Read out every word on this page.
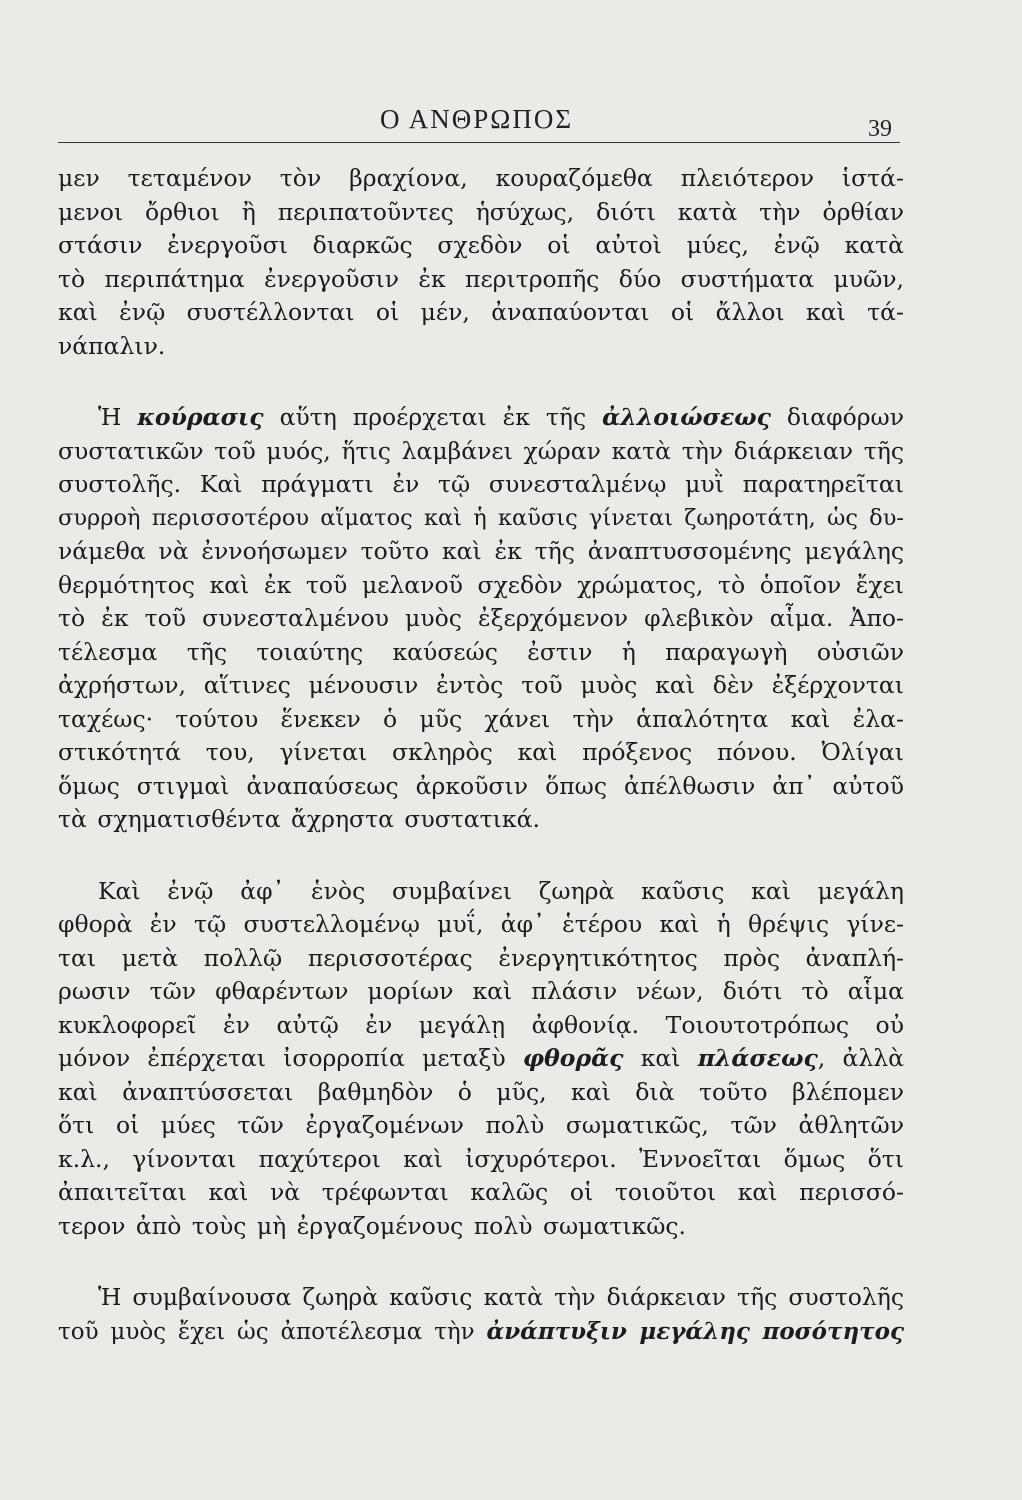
Ο ΑΝΘΡΩΠΟΣ	39
μεν τεταμένον τὸν βραχίονα, κουραζόμεθα πλειότερον ἱστά-
μενοι ὄρθιοι ἢ περιπατοῦντες ἡσύχως, διότι κατὰ τὴν ὀρθίαν
στάσιν ἐνεργοῦσι διαρκῶς σχεδὸν οἱ αὐτοὶ μύες, ἐνῷ κατὰ
τὸ περιπάτημα ἐνεργοῦσιν ἐκ περιτροπῆς δύο συστήματα μυῶν,
καὶ ἐνῷ συστέλλονται οἱ μέν, ἀναπαύονται οἱ ἄλλοι καὶ τά-
νάπαλιν.
Ἡ κούρασις αὕτη προέρχεται ἐκ τῆς ἀλλοιώσεως διαφόρων
συστατικῶν τοῦ μυός, ἥτις λαμβάνει χώραν κατὰ τὴν διάρκειαν τῆς
συστολῆς. Καὶ πράγματι ἐν τῷ συνεσταλμένῳ μυῒ παρατηρεῖται
συρροὴ περισσοτέρου αἵματος καὶ ἡ καῦσις γίνεται ζωηροτάτη, ὡς δυ-
νάμεθα νὰ ἐννοήσωμεν τοῦτο καὶ ἐκ τῆς ἀναπτυσσομένης μεγάλης
θερμότητος καὶ ἐκ τοῦ μελανοῦ σχεδὸν χρώματος, τὸ ὁποῖον ἔχει
τὸ ἐκ τοῦ συνεσταλμένου μυὸς ἐξερχόμενον φλεβικὸν αἷμα. Ἀπο-
τέλεσμα τῆς τοιαύτης καύσεώς ἐστιν ἡ παραγωγὴ οὐσιῶν
ἀχρήστων, αἵτινες μένουσιν ἐντὸς τοῦ μυὸς καὶ δὲν ἐξέρχονται
ταχέως· τούτου ἕνεκεν ὁ μῦς χάνει τὴν ἁπαλότητα καὶ ἐλα-
στικότητά του, γίνεται σκληρὸς καὶ πρόξενος πόνου. Ὀλίγαι
ὅμως στιγμαὶ ἀναπαύσεως ἀρκοῦσιν ὅπως ἀπέλθωσιν ἀπ᾽ αὐτοῦ
τὰ σχηματισθέντα ἄχρηστα συστατικά.
Καὶ ἐνῷ ἀφ᾽ ἑνὸς συμβαίνει ζωηρὰ καῦσις καὶ μεγάλη
φθορὰ ἐν τῷ συστελλομένῳ μυΐ, ἀφ᾽ ἑτέρου καὶ ἡ θρέψις γίνε-
ται μετὰ πολλῷ περισσοτέρας ἐνεργητικότητος πρὸς ἀναπλή-
ρωσιν τῶν φθαρέντων μορίων καὶ πλάσιν νέων, διότι τὸ αἷμα
κυκλοφορεῖ ἐν αὐτῷ ἐν μεγάλῃ ἀφθονίᾳ. Τοιουτοτρόπως οὐ
μόνον ἐπέρχεται ἰσορροπία μεταξὺ φθορᾶς καὶ πλάσεως, ἀλλὰ
καὶ ἀναπτύσσεται βαθμηδὸν ὁ μῦς, καὶ διὰ τοῦτο βλέπομεν
ὅτι οἱ μύες τῶν ἐργαζομένων πολὺ σωματικῶς, τῶν ἀθλητῶν
κ.λ., γίνονται παχύτεροι καὶ ἰσχυρότεροι. Ἐννοεῖται ὅμως ὅτι
ἀπαιτεῖται καὶ νὰ τρέφωνται καλῶς οἱ τοιοῦτοι καὶ περισσό-
τερον ἀπὸ τοὺς μὴ ἐργαζομένους πολὺ σωματικῶς.
Ἡ συμβαίνουσα ζωηρὰ καῦσις κατὰ τὴν διάρκειαν τῆς συστολῆς
τοῦ μυὸς ἔχει ὡς ἀποτέλεσμα τὴν ἀνάπτυξιν μεγάλης ποσότητος
